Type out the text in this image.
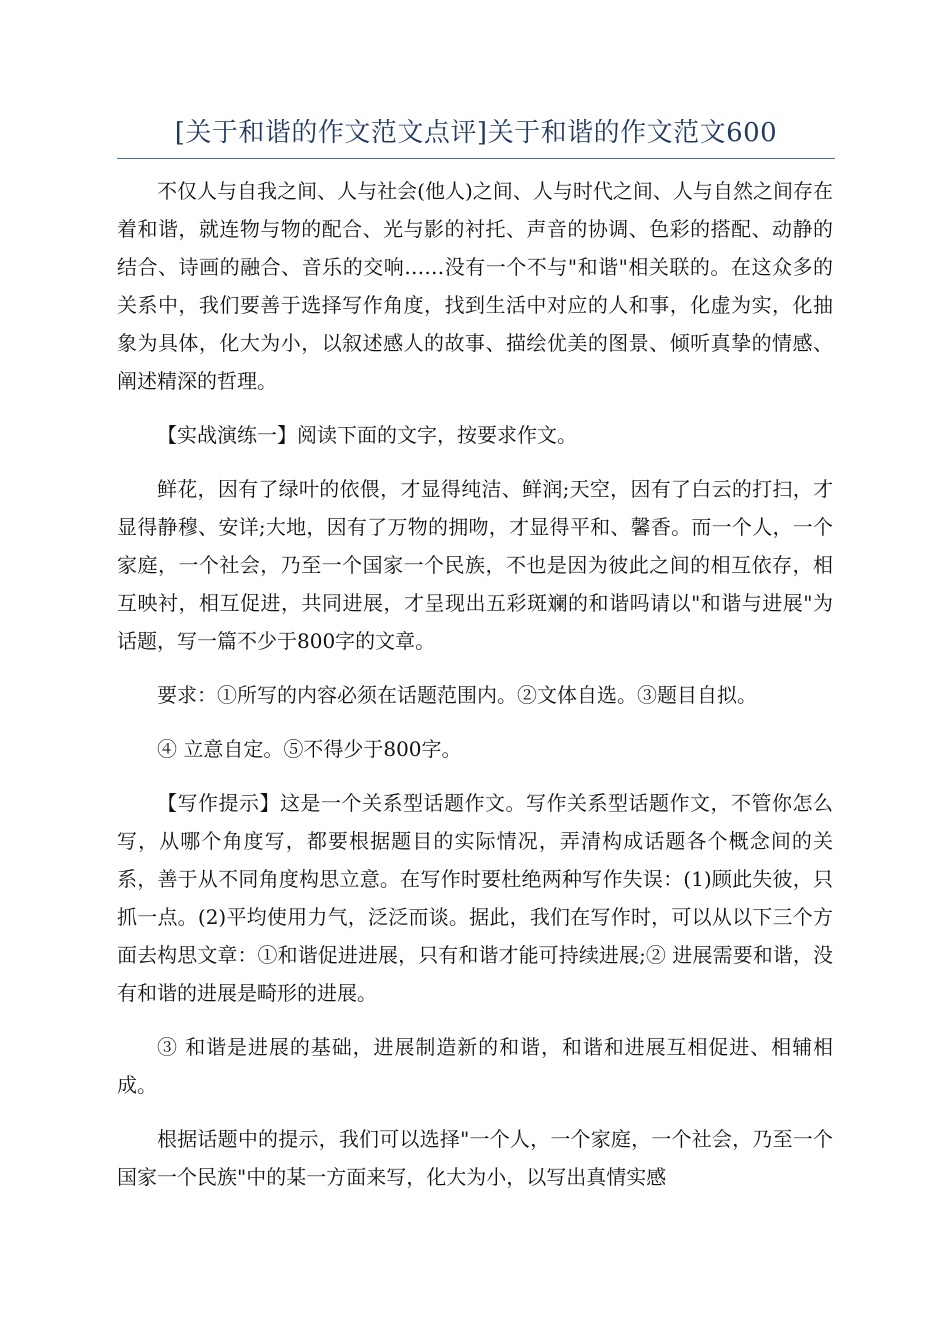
[关于和谐的作文范文点评]关于和谐的作文范文600

不仅人与自我之间、人与社会(他人)之间、人与时代之间、人与自然之间存在着和谐，就连物与物的配合、光与影的衬托、声音的协调、色彩的搭配、动静的结合、诗画的融合、音乐的交响……没有一个不与"和谐"相关联的。在这众多的关系中，我们要善于选择写作角度，找到生活中对应的人和事，化虚为实，化抽象为具体，化大为小，以叙述感人的故事、描绘优美的图景、倾听真挚的情感、阐述精深的哲理。

【实战演练一】阅读下面的文字，按要求作文。

鲜花，因有了绿叶的依偎，才显得纯洁、鲜润;天空，因有了白云的打扫，才显得静穆、安详;大地，因有了万物的拥吻，才显得平和、馨香。而一个人，一个家庭，一个社会，乃至一个国家一个民族，不也是因为彼此之间的相互依存，相互映衬，相互促进，共同进展，才呈现出五彩斑斓的和谐吗请以"和谐与进展"为话题，写一篇不少于800字的文章。

要求：①所写的内容必须在话题范围内。②文体自选。③题目自拟。

④ 立意自定。⑤不得少于800字。

【写作提示】这是一个关系型话题作文。写作关系型话题作文，不管你怎么写，从哪个角度写，都要根据题目的实际情况，弄清构成话题各个概念间的关系，善于从不同角度构思立意。在写作时要杜绝两种写作失误：(1)顾此失彼，只抓一点。(2)平均使用力气，泛泛而谈。据此，我们在写作时，可以从以下三个方面去构思文章：①和谐促进进展，只有和谐才能可持续进展;② 进展需要和谐，没有和谐的进展是畸形的进展。

③ 和谐是进展的基础，进展制造新的和谐，和谐和进展互相促进、相辅相成。

根据话题中的提示，我们可以选择"一个人，一个家庭，一个社会，乃至一个国家一个民族"中的某一方面来写，化大为小，以写出真情实感
